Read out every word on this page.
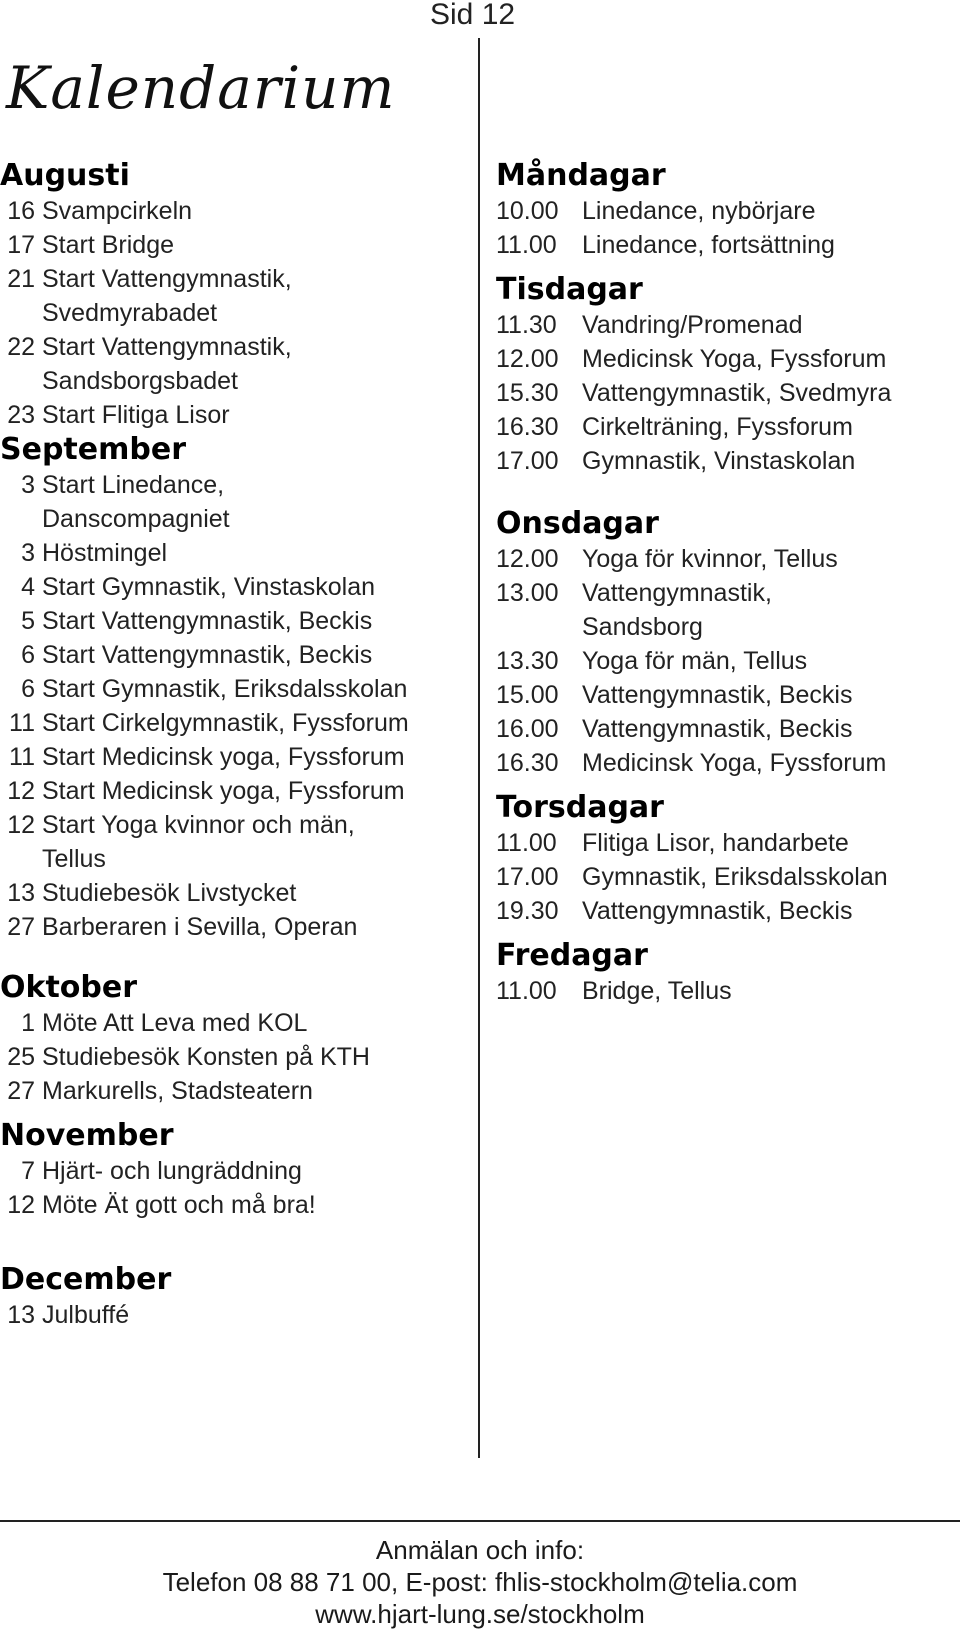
Sid 12
Kalendarium
Augusti
16 Svampcirkeln
17 Start Bridge
21 Start Vattengymnastik,
Svedmyrabadet
22 Start Vattengymnastik,
Sandsborgsbadet
23 Start Flitiga Lisor
September
3 Start Linedance,
Danscompagniet
3 Höstmingel
4 Start Gymnastik, Vinstaskolan
5 Start Vattengymnastik, Beckis
6 Start Vattengymnastik, Beckis
6 Start Gymnastik, Eriksdalsskolan
11 Start Cirkelgymnastik, Fyssforum
11 Start Medicinsk yoga, Fyssforum
12 Start Medicinsk yoga, Fyssforum
12 Start Yoga kvinnor och män,
Tellus
13 Studiebesök Livstycket
27 Barberaren i Sevilla, Operan
Oktober
1 Möte Att Leva med KOL
25 Studiebesök Konsten på KTH
27 Markurells, Stadsteatern
November
7 Hjärt- och lungräddning
12 Möte Ät gott och må bra!
December
13 Julbuffé
Måndagar
10.00 Linedance, nybörjare
11.00	Linedance, fortsättning
Tisdagar
11.30	Vandring/Promenad
12.00 Medicinsk Yoga, Fyssforum
15.30 Vattengymnastik, Svedmyra
16.30 Cirkelträning, Fyssforum
17.00 Gymnastik, Vinstaskolan
Onsdagar
12.00 Yoga för kvinnor, Tellus
13.00 Vattengymnastik,
Sandsborg
13.30 Yoga för män, Tellus
15.00 Vattengymnastik, Beckis
16.00 Vattengymnastik, Beckis
16.30 Medicinsk Yoga, Fyssforum
Torsdagar
11.00	Flitiga Lisor, handarbete
17.00 Gymnastik, Eriksdalsskolan
19.30 Vattengymnastik, Beckis
Fredagar
11.00	Bridge, Tellus
Anmälan och info:
Telefon 08 88 71 00, E-post: fhlis-stockholm@telia.com
www.hjart-lung.se/stockholm
